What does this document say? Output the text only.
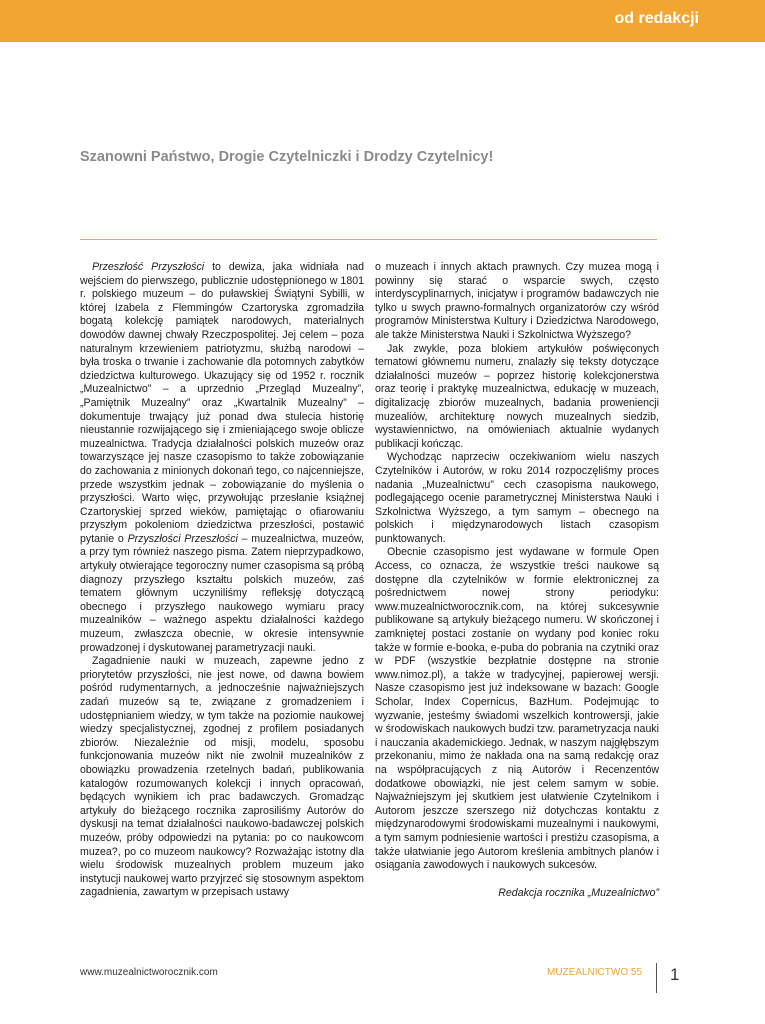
od redakcji
Szanowni Państwo, Drogie Czytelniczki i Drodzy Czytelnicy!

Przeszłość Przyszłości to dewiza, jaka widniała nad wejściem do pierwszego, publicznie udostępnionego w 1801 r. polskiego muzeum – do puławskiej Świątyni Sybilli, w której Izabela z Flemmingów Czartoryska zgromadziła bogatą kolekcję pamiątek narodowych, materialnych dowodów dawnej chwały Rzeczpospolitej. Jej celem – poza naturalnym krzewieniem patriotyzmu, służbą narodowi – była troska o trwanie i zachowanie dla potomnych zabytków dziedzictwa kulturowego. Ukazujący się od 1952 r. rocznik „Muzealnictwo” – a uprzednio „Przegląd Muzealny”, „Pamiętnik Muzealny” oraz „Kwartalnik Muzealny” – dokumentuje trwający już ponad dwa stulecia historię nieustannie rozwijającego się i zmieniającego swoje oblicze muzealnictwa. Tradycja działalności polskich muzeów oraz towarzyszące jej nasze czasopismo to także zobowiązanie do zachowania z minionych dokonań tego, co najcenniejsze, przede wszystkim jednak – zobowiązanie do myślenia o przyszłości. Warto więc, przywołując przesłanie książnej Czartoryskiej sprzed wieków, pamiętając o ofiarowaniu przyszłym pokoleniom dziedzictwa przeszłości, postawić pytanie o Przyszłości Przeszłości – muzealnictwa, muzeów, a przy tym również naszego pisma. Zatem nieprzypadkowo, artykuły otwierające tegoroczny numer czasopisma są próbą diagnozy przyszłego kształtu polskich muzeów, zaś tematem głównym uczyniliśmy refleksję dotyczącą obecnego i przyszłego naukowego wymiaru pracy muzealników – ważnego aspektu działalności każdego muzeum, zwłaszcza obecnie, w okresie intensywnie prowadzonej i dyskutowanej parametryzacji nauki.

Zagadnienie nauki w muzeach, zapewne jedno z priorytetów przyszłości, nie jest nowe, od dawna bowiem pośród rudymentarnych, a jednocześnie najważniejszych zadań muzeów są te, związane z gromadzeniem i udostępnianiem wiedzy, w tym także na poziomie naukowej wiedzy specjalistycznej, zgodnej z profilem posiadanych zbiorów. Niezależnie od misji, modelu, sposobu funkcjonowania muzeów nikt nie zwolnił muzealników z obowiązku prowadzenia rzetelnych badań, publikowania katalogów rozumowanych kolekcji i innych opracowań, będących wynikiem ich prac badawczych. Gromadząc artykuły do bieżącego rocznika zaprosiliśmy Autorów do dyskusji na temat działalności naukowo-badawczej polskich muzeów, próby odpowiedzi na pytania: po co naukowcom muzea?, po co muzeom naukowcy? Rozważając istotny dla wielu środowisk muzealnych problem muzeum jako instytucji naukowej warto przyjrzeć się stosownym aspektom zagadnienia, zawartym w przepisach ustawy

o muzeach i innych aktach prawnych. Czy muzea mogą i powinny się starać o wsparcie swych, często interdyscyplinarnych, inicjatyw i programów badawczych nie tylko u swych prawno-formalnych organizatorów czy wśród programów Ministerstwa Kultury i Dziedzictwa Narodowego, ale także Ministerstwa Nauki i Szkolnictwa Wyższego?

Jak zwykle, poza blokiem artykułów poświęconych tematowi głównemu numeru, znalazły się teksty dotyczące działalności muzeów – poprzez historię kolekcjonerstwa oraz teorię i praktykę muzealnictwa, edukację w muzeach, digitalizację zbiorów muzealnych, badania proweniencji muzealiów, architekturę nowych muzealnych siedzib, wystawiennictwo, na omówieniach aktualnie wydanych publikacji kończąc.

Wychodząc naprzeciw oczekiwaniom wielu naszych Czytelników i Autorów, w roku 2014 rozpoczęliśmy proces nadania „Muzealnictwu” cech czasopisma naukowego, podlegającego ocenie parametrycznej Ministerstwa Nauki i Szkolnictwa Wyższego, a tym samym – obecnego na polskich i międzynarodowych listach czasopism punktowanych.

Obecnie czasopismo jest wydawane w formule Open Access, co oznacza, że wszystkie treści naukowe są dostępne dla czytelników w formie elektronicznej za pośrednictwem nowej strony periodyku: www.muzealnictworocznik.com, na której sukcesywnie publikowane są artykuły bieżącego numeru. W skończonej i zamkniętej postaci zostanie on wydany pod koniec roku także w formie e-booka, e-puba do pobrania na czytniki oraz w PDF (wszystkie bezpłatnie dostępne na stronie www.nimoz.pl), a także w tradycyjnej, papierowej wersji. Nasze czasopismo jest już indeksowane w bazach: Google Scholar, Index Copernicus, BazHum. Podejmując to wyzwanie, jesteśmy świadomi wszelkich kontrowersji, jakie w środowiskach naukowych budzi tzw. parametryzacja nauki i nauczania akademickiego. Jednak, w naszym najgłębszym przekonaniu, mimo że nakłada ona na samą redakcję oraz na współpracujących z nią Autorów i Recenzentów dodatkowe obowiązki, nie jest celem samym w sobie. Najważniejszym jej skutkiem jest ułatwienie Czytelnikom i Autorom jeszcze szerszego niż dotychczas kontaktu z międzynarodowymi środowiskami muzealnymi i naukowymi, a tym samym podniesienie wartości i prestiżu czasopisma, a także ułatwianie jego Autorom kreślenia ambitnych planów i osiągania zawodowych i naukowych sukcesów.

Redakcja rocznika „Muzealnictwo”

www.muzealnictworocznik.com	MUZEALNICTWO 55 1
